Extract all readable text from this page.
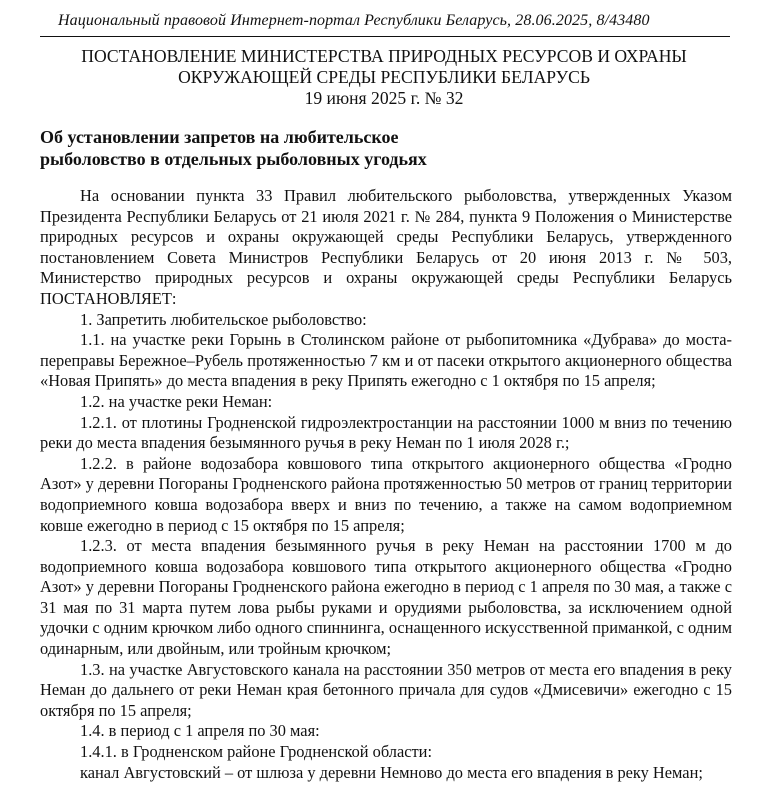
Национальный правовой Интернет-портал Республики Беларусь, 28.06.2025, 8/43480
ПОСТАНОВЛЕНИЕ МИНИСТЕРСТВА ПРИРОДНЫХ РЕСУРСОВ И ОХРАНЫ
ОКРУЖАЮЩЕЙ СРЕДЫ РЕСПУБЛИКИ БЕЛАРУСЬ
19 июня 2025 г. № 32
Об установлении запретов на любительское
рыболовство в отдельных рыболовных угодьях

На основании пункта 33 Правил любительского рыболовства, утвержденных Указом Президента Республики Беларусь от 21 июля 2021 г. № 284, пункта 9 Положения о Министерстве природных ресурсов и охраны окружающей среды Республики Беларусь, утвержденного постановлением Совета Министров Республики Беларусь от 20 июня 2013 г. № 503, Министерство природных ресурсов и охраны окружающей среды Республики Беларусь ПОСТАНОВЛЯЕТ:

1. Запретить любительское рыболовство:

1.1. на участке реки Горынь в Столинском районе от рыбопитомника «Дубрава» до моста-переправы Бережное–Рубель протяженностью 7 км и от пасеки открытого акционерного общества «Новая Припять» до места впадения в реку Припять ежегодно с 1 октября по 15 апреля;

1.2. на участке реки Неман:

1.2.1. от плотины Гродненской гидроэлектростанции на расстоянии 1000 м вниз по течению реки до места впадения безымянного ручья в реку Неман по 1 июля 2028 г.;

1.2.2. в районе водозабора ковшового типа открытого акционерного общества «Гродно Азот» у деревни Погораны Гродненского района протяженностью 50 метров от границ территории водоприемного ковша водозабора вверх и вниз по течению, а также на самом водоприемном ковше ежегодно в период с 15 октября по 15 апреля;

1.2.3. от места впадения безымянного ручья в реку Неман на расстоянии 1700 м до водоприемного ковша водозабора ковшового типа открытого акционерного общества «Гродно Азот» у деревни Погораны Гродненского района ежегодно в период с 1 апреля по 30 мая, а также с 31 мая по 31 марта путем лова рыбы руками и орудиями рыболовства, за исключением одной удочки с одним крючком либо одного спиннинга, оснащенного искусственной приманкой, с одним одинарным, или двойным, или тройным крючком;

1.3. на участке Августовского канала на расстоянии 350 метров от места его впадения в реку Неман до дальнего от реки Неман края бетонного причала для судов «Дмисевичи» ежегодно с 15 октября по 15 апреля;

1.4. в период с 1 апреля по 30 мая:

1.4.1. в Гродненском районе Гродненской области:

канал Августовский – от шлюза у деревни Немново до места его впадения в реку Неман;
